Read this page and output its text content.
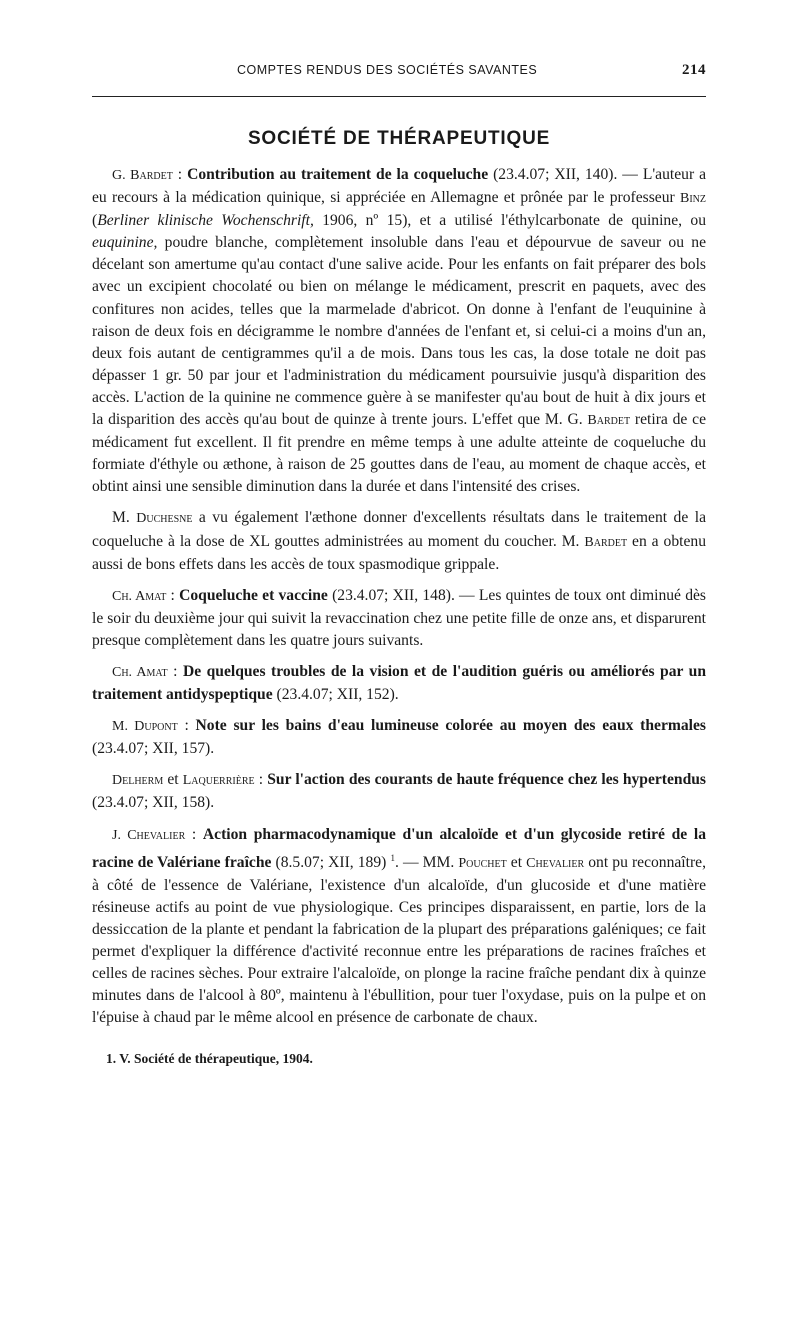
COMPTES RENDUS DES SOCIÉTÉS SAVANTES	214
SOCIÉTÉ DE THÉRAPEUTIQUE

G. Bardet : Contribution au traitement de la coqueluche (23.4.07; XII, 140). — L'auteur a eu recours à la médication quinique, si appréciée en Allemagne et prônée par le professeur Binz (Berliner klinische Wochenschrift, 1906, nº 15), et a utilisé l'éthylcarbonate de quinine, ou euquinine, poudre blanche, complètement insoluble dans l'eau et dépourvue de saveur ou ne décelant son amertume qu'au contact d'une salive acide. Pour les enfants on fait préparer des bols avec un excipient chocolaté ou bien on mélange le médicament, prescrit en paquets, avec des confitures non acides, telles que la marmelade d'abricot. On donne à l'enfant de l'euquinine à raison de deux fois en décigramme le nombre d'années de l'enfant et, si celui-ci a moins d'un an, deux fois autant de centigrammes qu'il a de mois. Dans tous les cas, la dose totale ne doit pas dépasser 1 gr. 50 par jour et l'administration du médicament poursuivie jusqu'à disparition des accès. L'action de la quinine ne commence guère à se manifester qu'au bout de huit à dix jours et la disparition des accès qu'au bout de quinze à trente jours. L'effet que M. G. Bardet retira de ce médicament fut excellent. Il fit prendre en même temps à une adulte atteinte de coqueluche du formiate d'éthyle ou æthone, à raison de 25 gouttes dans de l'eau, au moment de chaque accès, et obtint ainsi une sensible diminution dans la durée et dans l'intensité des crises.

M. Duchesne a vu également l'æthone donner d'excellents résultats dans le traitement de la coqueluche à la dose de XL gouttes administrées au moment du coucher. M. Bardet en a obtenu aussi de bons effets dans les accès de toux spasmodique grippale.

Ch. Amat : Coqueluche et vaccine (23.4.07; XII, 148). — Les quintes de toux ont diminué dès le soir du deuxième jour qui suivit la revaccination chez une petite fille de onze ans, et disparurent presque complètement dans les quatre jours suivants.

Ch. Amat : De quelques troubles de la vision et de l'audition guéris ou améliorés par un traitement antidyspeptique (23.4.07; XII, 152).

M. Dupont : Note sur les bains d'eau lumineuse colorée au moyen des eaux thermales (23.4.07; XII, 157).

Delherm et Laquerrière : Sur l'action des courants de haute fréquence chez les hypertendus (23.4.07; XII, 158).

J. Chevalier : Action pharmacodynamique d'un alcaloïde et d'un glycoside retiré de la racine de Valériane fraîche (8.5.07; XII, 189) $^1$. — MM. Pouchet et Chevalier ont pu reconnaître, à côté de l'essence de Valériane, l'existence d'un alcaloïde, d'un glucoside et d'une matière résineuse actifs au point de vue physiologique. Ces principes disparaissent, en partie, lors de la dessiccation de la plante et pendant la fabrication de la plupart des préparations galéniques; ce fait permet d'expliquer la différence d'activité reconnue entre les préparations de racines fraîches et celles de racines sèches. Pour extraire l'alcaloïde, on plonge la racine fraîche pendant dix à quinze minutes dans de l'alcool à 80º, maintenu à l'ébullition, pour tuer l'oxydase, puis on la pulpe et on l'épuise à chaud par le même alcool en présence de carbonate de chaux.

1. V. Société de thérapeutique, 1904.
